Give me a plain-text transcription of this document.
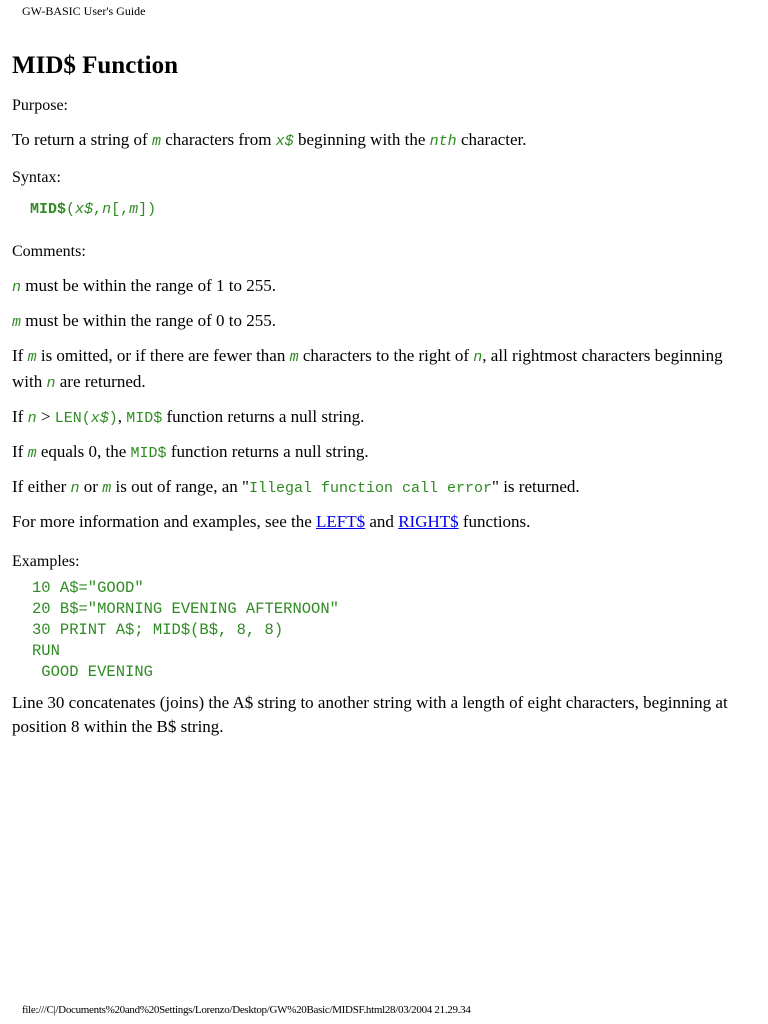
GW-BASIC User's Guide
MID$ Function
Purpose:

To return a string of m characters from x$ beginning with the nth character.

Syntax:
MID$(x$,n[,m])
Comments:

n must be within the range of 1 to 255.

m must be within the range of 0 to 255.

If m is omitted, or if there are fewer than m characters to the right of n, all rightmost characters beginning with n are returned.

If n > LEN(x$), MID$ function returns a null string.

If m equals 0, the MID$ function returns a null string.

If either n or m is out of range, an "Illegal function call error" is returned.

For more information and examples, see the LEFT$ and RIGHT$ functions.

Examples:
10 A$="GOOD"
20 B$="MORNING EVENING AFTERNOON"
30 PRINT A$; MID$(B$, 8, 8)
RUN
GOOD EVENING

Line 30 concatenates (joins) the A$ string to another string with a length of eight characters, beginning at position 8 within the B$ string.

file:///C|/Documents%20and%20Settings/Lorenzo/Desktop/GW%20Basic/MIDSF.html28/03/2004 21.29.34
